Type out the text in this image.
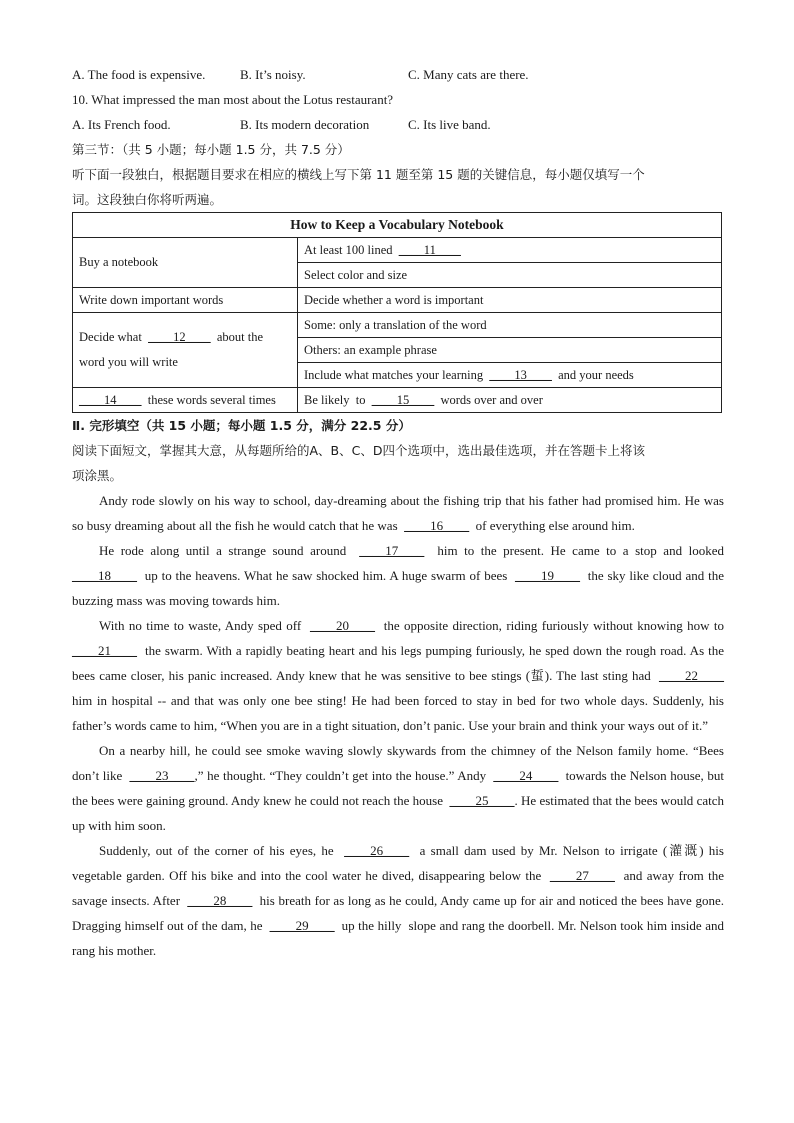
A. The food is expensive.	B. It’s noisy.	C. Many cats are there.
10. What impressed the man most about the Lotus restaurant?
A. Its French food.	B. Its modern decoration	C. Its live band.
第三节：（共 5 小题；每小题 1.5 分，共 7.5 分）
听下面一段独白，根据题目要求在相应的横线上写下第 11 题至第 15 题的关键信息，每小题仅填写一个
词。这段独白你将听两遍。
How to Keep a Vocabulary Notebook	
Buy a notebook	At least 100 lined  ____11____
	Select color and size
Write down important words	Decide whether a word is important

Decide what  ____12____  about the
word you will write	Some: only a translation of the word
	Others: an example phrase
	Include what matches your learning  ____13____  and your needs
____14____  these words several times	Be likely  to  ____15____  words over and over
Ⅱ. 完形填空（共 15 小题；每小题 1.5 分，满分 22.5 分）
阅读下面短文，掌握其大意，从每题所给的A、B、C、D四个选项中，选出最佳选项，并在答题卡上将该
项涂黑。

Andy rode slowly on his way to school, day-dreaming about the fishing trip that his father had promised him. He was so busy dreaming about all the fish he would catch that he was  ____16____  of everything else around him.

He rode along until a strange sound around  ____17____  him to the present. He came to a stop and looked  ____18____  up to the heavens. What he saw shocked him. A huge swarm of bees  ____19____  the sky like cloud and the buzzing mass was moving towards him.

With no time to waste, Andy sped off  ____20____  the opposite direction, riding furiously without knowing how to  ____21____  the swarm. With a rapidly beating heart and his legs pumping furiously, he sped down the rough road. As the bees came closer, his panic increased. Andy knew that he was sensitive to bee stings (蜇). The last sting had  ____22____  him in hospital -- and that was only one bee sting! He had been forced to stay in bed for two whole days. Suddenly, his father’s words came to him, “When you are in a tight situation, don’t panic. Use your brain and think your ways out of it.”

On a nearby hill, he could see smoke waving slowly skywards from the chimney of the Nelson family home. “Bees don’t like  ____23____,” he thought. “They couldn’t get into the house.” Andy  ____24____  towards the Nelson house, but the bees were gaining ground. Andy knew he could not reach the house  ____25____. He estimated that the bees would catch up with him soon.

Suddenly, out of the corner of his eyes, he  ____26____  a small dam used by Mr. Nelson to irrigate (灌溉) his vegetable garden. Off his bike and into the cool water he dived, disappearing below the  ____27____  and away from the savage insects. After  ____28____  his breath for as long as he could, Andy came up for air and noticed the bees have gone. Dragging himself out of the dam, he  ____29____  up the hilly  slope and rang the doorbell. Mr. Nelson took him inside and rang his mother.
